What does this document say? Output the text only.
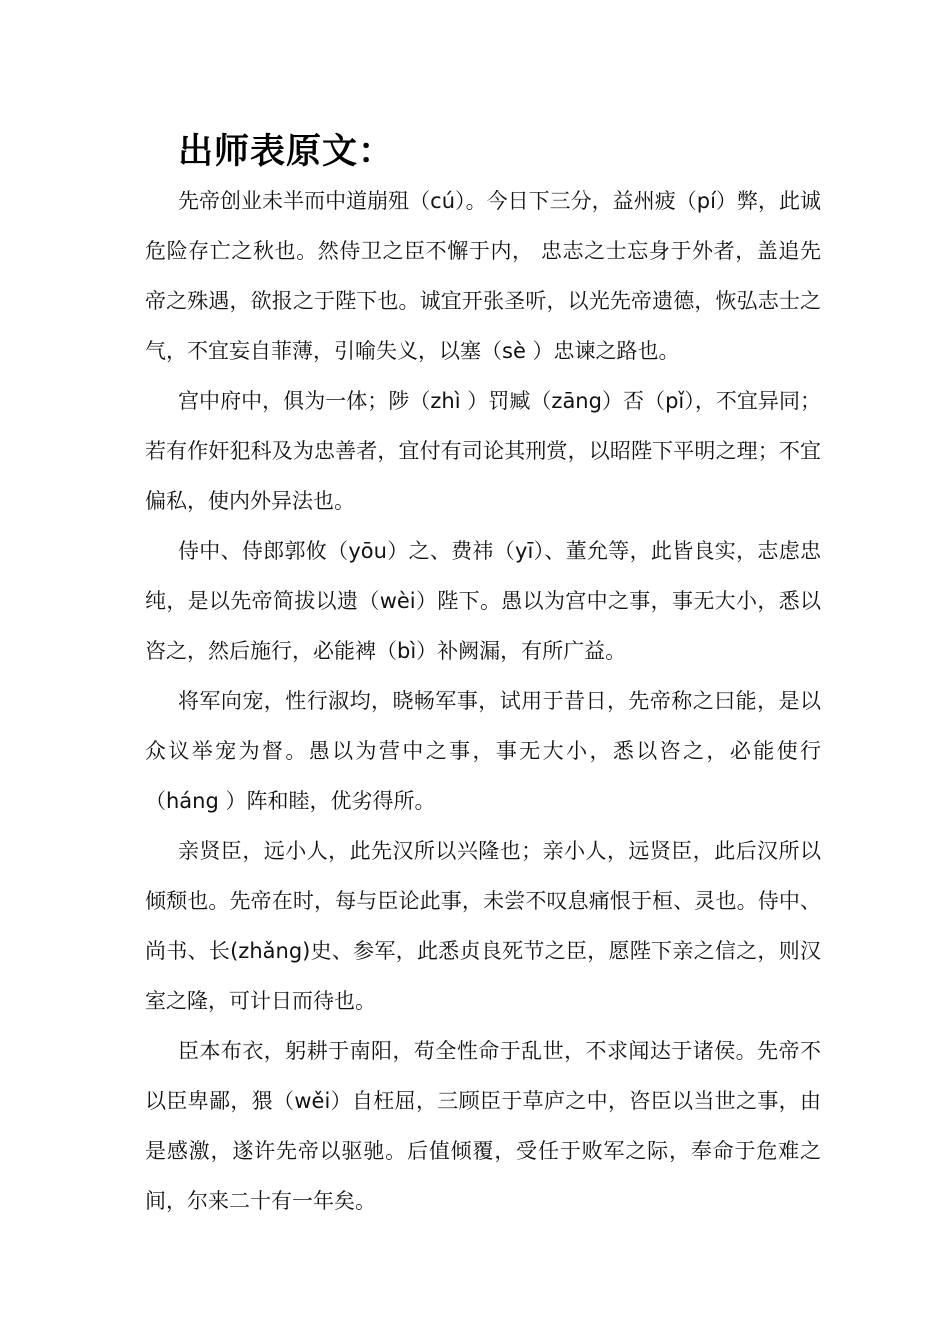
出师表原文：

先帝创业未半而中道崩殂（cú）。今日下三分，益州疲（pí）弊，此诚危险存亡之秋也。然侍卫之臣不懈于内， 忠志之士忘身于外者，盖追先帝之殊遇，欲报之于陛下也。诚宜开张圣听，以光先帝遗德，恢弘志士之气，不宜妄自菲薄，引喻失义，以塞（sè ）忠谏之路也。

宫中府中，俱为一体；陟（zhì ）罚臧（zāng）否（pǐ），不宜异同；若有作奸犯科及为忠善者，宜付有司论其刑赏，以昭陛下平明之理；不宜偏私，使内外异法也。

侍中、侍郎郭攸（yōu）之、费祎（yī）、董允等，此皆良实，志虑忠纯，是以先帝简拔以遗（wèi）陛下。愚以为宫中之事，事无大小，悉以咨之，然后施行，必能裨（bì）补阙漏，有所广益。

将军向宠，性行淑均，晓畅军事，试用于昔日，先帝称之曰能，是以众议举宠为督。愚以为营中之事，事无大小，悉以咨之，必能使行（háng ）阵和睦，优劣得所。

亲贤臣，远小人，此先汉所以兴隆也；亲小人，远贤臣，此后汉所以倾颓也。先帝在时，每与臣论此事，未尝不叹息痛恨于桓、灵也。侍中、尚书、长(zhǎng)史、参军，此悉贞良死节之臣，愿陛下亲之信之，则汉室之隆，可计日而待也。

臣本布衣，躬耕于南阳，苟全性命于乱世，不求闻达于诸侯。先帝不以臣卑鄙，猥（wěi）自枉屈，三顾臣于草庐之中，咨臣以当世之事，由是感激，遂许先帝以驱驰。后值倾覆，受任于败军之际，奉命于危难之间，尔来二十有一年矣。
